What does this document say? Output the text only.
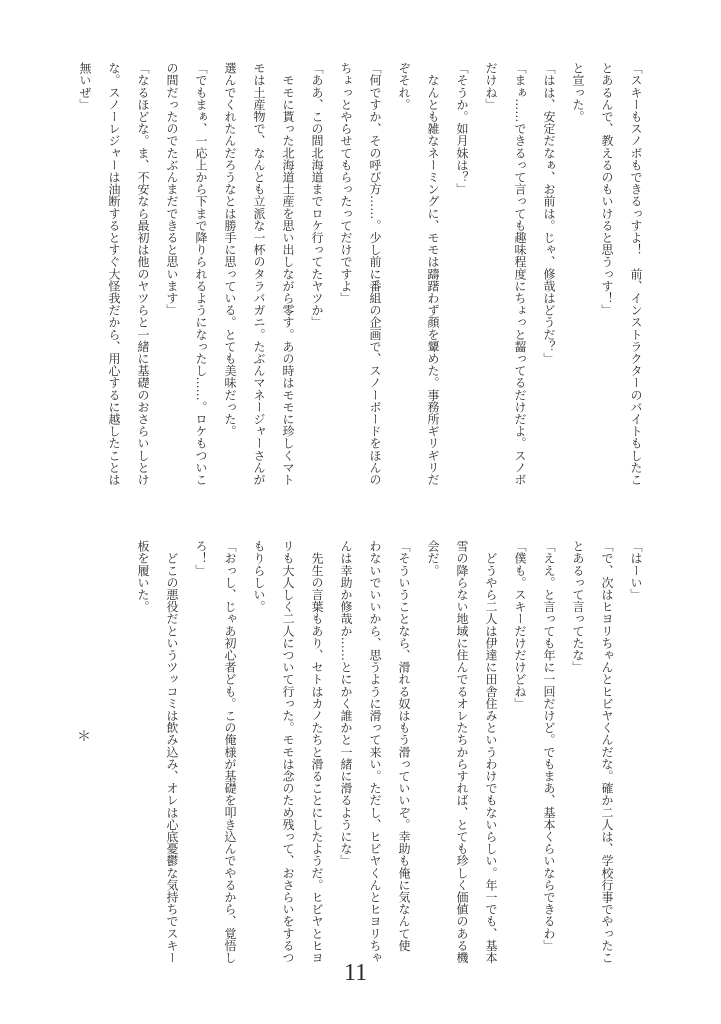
「スキーもスノボもできるっすよ！　前、インストラクターのバイトもしたこ
とあるんで、教えるのもいけると思うっす！」
と宣った。
「はは、安定だなぁ、お前は。じゃ、修哉はどうだ？」
「まぁ……できるって言っても趣味程度にちょっと齧ってるだけだよ。スノボ
だけね」
「そうか。如月妹は？」
　なんとも雑なネーミングに、モモは躊躇わず顔を顰めた。事務所ギリギリだ
ぞそれ。
「何ですか、その呼び方……。少し前に番組の企画で、スノーボードをほんの
ちょっとやらせてもらったってだけですよ」
「ああ、この間北海道までロケ行ってたヤツか」
　モモに貰った北海道土産を思い出しながら零す。あの時はモモに珍しくマト
モは土産物で、なんとも立派な一杯のタラバガニ。たぶんマネージャーさんが
選んでくれたんだろうなとは勝手に思っている。とても美味だった。
「でもまぁ、一応上から下まで降りられるようになったし……。ロケもついこ
の間だったのでたぶんまだできると思います」
「なるほどな。ま、不安なら最初は他のヤツらと一緒に基礎のおさらいしとけ
な。スノーレジャーは油断するとすぐ大怪我だから、用心するに越したことは
無いぜ」
「はーい」
「で、次はヒヨリちゃんとヒビヤくんだな。確か二人は、学校行事でやったこ
とあるって言ってたな」
「ええ。と言っても年に一回だけど。でもまあ、基本くらいならできるわ」
「僕も。スキーだけだけどね」
　どうやら二人は伊達に田舎住みというわけでもないらしい。年一でも、基本
雪の降らない地域に住んでるオレたちからすれば、とても珍しく価値のある機
会だ。
「そういうことなら、滑れる奴はもう滑っていいぞ。幸助も俺に気なんて使
わないでいいから、思うように滑って来い。ただし、ヒビヤくんとヒヨリちゃ
んは幸助か修哉か……とにかく誰かと一緒に滑るようにな」
　先生の言葉もあり、セトはカノたちと滑ることにしたようだ。ヒビヤとヒヨ
リも大人しく二人について行った。モモは念のため残って、おさらいをするつ
もりらしい。
「おっし、じゃあ初心者ども。この俺様が基礎を叩き込んでやるから、覚悟し
ろ！」
　どこの悪役だというツッコミは飲み込み、オレは心底憂鬱な気持ちでスキー
板を履いた。
＊
11
